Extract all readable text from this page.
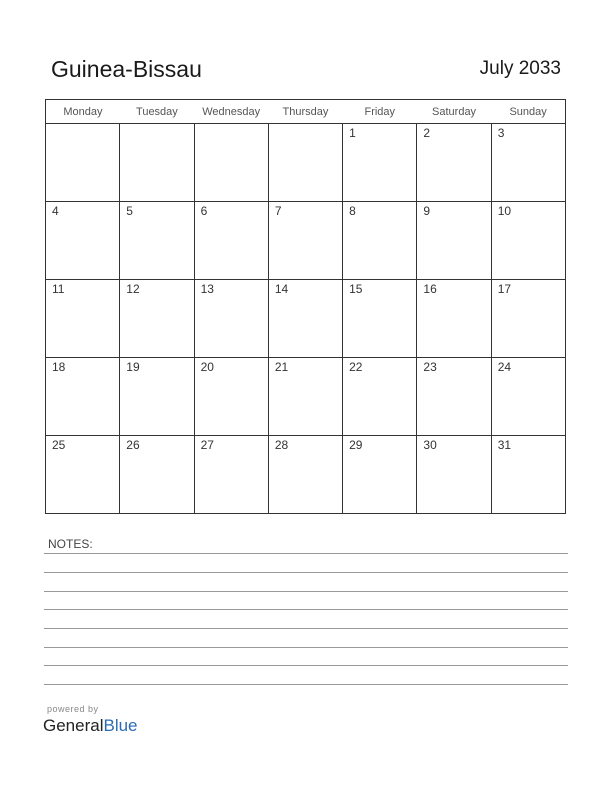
Guinea-Bissau	July 2033
Monday	Tuesday	Wednesday	Thursday	Friday	Saturday	Sunday

				1	2	3

4	5	6	7	8	9	10

11	12	13	14	15	16	17

18	19	20	21	22	23	24

25	26	27	28	29	30	31
NOTES:
powered by
GeneralBlue
